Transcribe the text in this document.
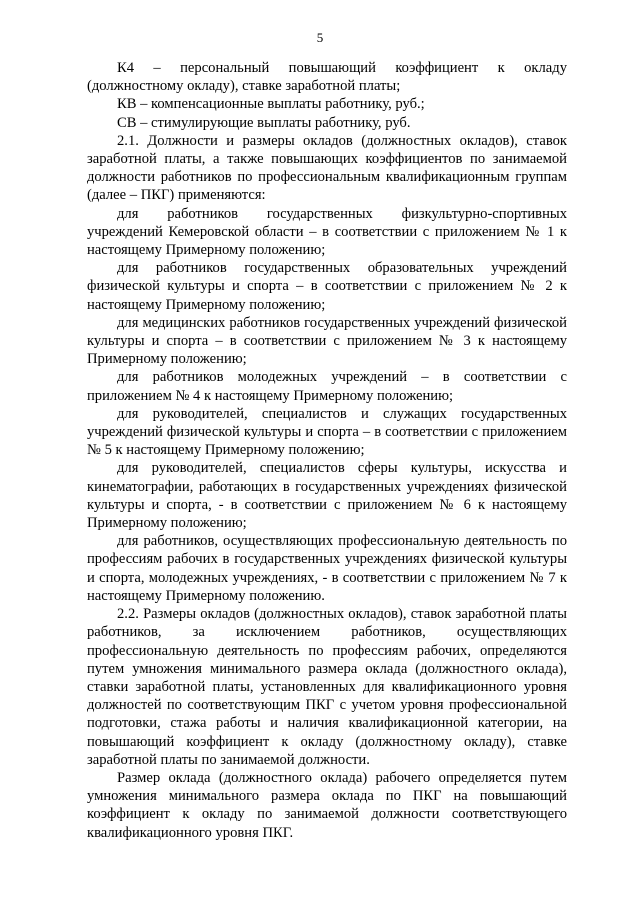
5

К4 – персональный повышающий коэффициент к окладу (должностному окладу), ставке заработной платы;

КВ – компенсационные выплаты работнику, руб.;

СВ – стимулирующие выплаты работнику, руб.

2.1. Должности и размеры окладов (должностных окладов), ставок заработной платы, а также повышающих коэффициентов по занимаемой должности работников по профессиональным квалификационным группам (далее – ПКГ) применяются:

для работников государственных физкультурно-спортивных учреждений Кемеровской области – в соответствии с приложением № 1 к настоящему Примерному положению;

для работников государственных образовательных учреждений физической культуры и спорта – в соответствии с приложением № 2 к настоящему Примерному положению;

для медицинских работников государственных учреждений физической культуры и спорта – в соответствии с приложением № 3 к настоящему Примерному положению;

для работников молодежных учреждений – в соответствии с приложением № 4 к настоящему Примерному положению;

для руководителей, специалистов и служащих государственных учреждений физической культуры и спорта – в соответствии с приложением № 5 к настоящему Примерному положению;

для руководителей, специалистов сферы культуры, искусства и кинематографии, работающих в государственных учреждениях физической культуры и спорта, - в соответствии с приложением № 6 к настоящему Примерному положению;

для работников, осуществляющих профессиональную деятельность по профессиям рабочих в государственных учреждениях физической культуры и спорта, молодежных учреждениях, - в соответствии с приложением № 7 к настоящему Примерному положению.

2.2. Размеры окладов (должностных окладов), ставок заработной платы работников, за исключением работников, осуществляющих профессиональную деятельность по профессиям рабочих, определяются путем умножения минимального размера оклада (должностного оклада), ставки заработной платы, установленных для квалификационного уровня должностей по соответствующим ПКГ с учетом уровня профессиональной подготовки, стажа работы и наличия квалификационной категории, на повышающий коэффициент к окладу (должностному окладу), ставке заработной платы по занимаемой должности.

Размер оклада (должностного оклада) рабочего определяется путем умножения минимального размера оклада по ПКГ на повышающий коэффициент к окладу по занимаемой должности соответствующего квалификационного уровня ПКГ.
